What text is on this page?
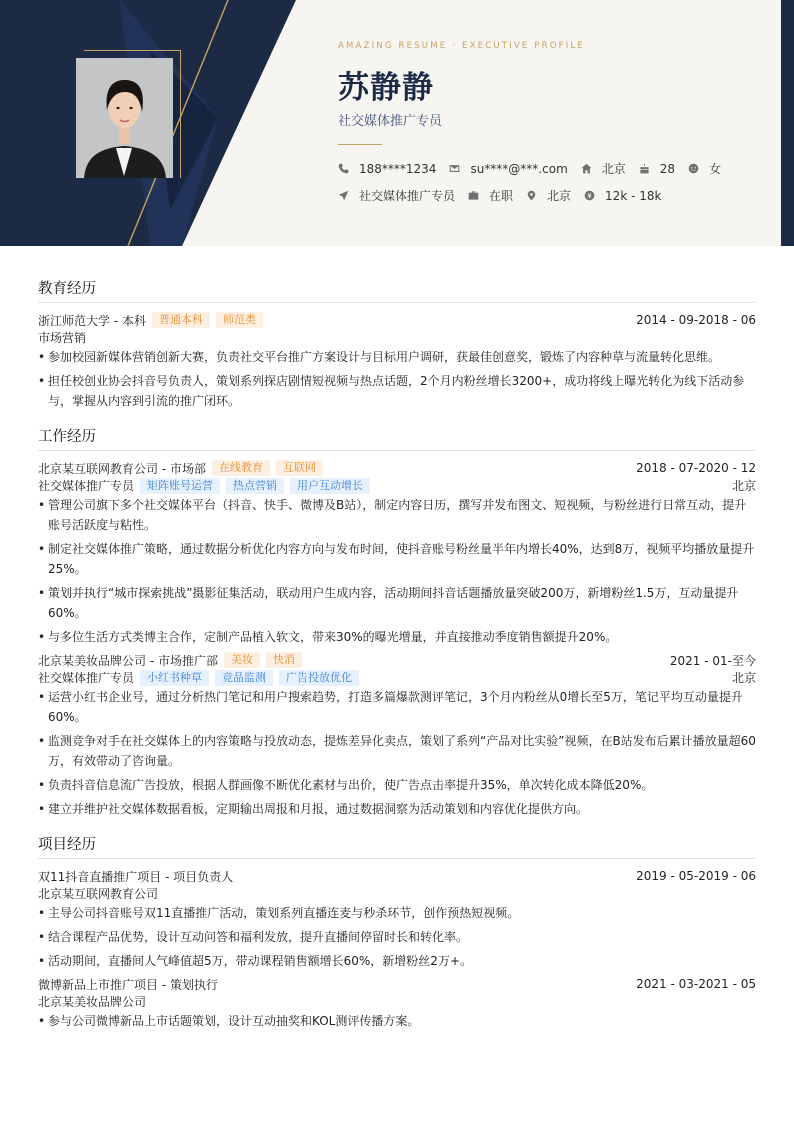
AMAZING RESUME · EXECUTIVE PROFILE
苏静静
社交媒体推广专员
188****1234	su****@***.com	北京	28	女
社交媒体推广专员	在职	北京	12k - 18k
教育经历
浙江师范大学 - 本科	普通本科	师范类	2014 - 09-2018 - 06
市场营销
• 参加校园新媒体营销创新大赛，负责社交平台推广方案设计与目标用户调研，获最佳创意奖，锻炼了内容种草与流量转化思维。
• 担任校创业协会抖音号负责人，策划系列探店剧情短视频与热点话题，2个月内粉丝增长3200+，成功将线上曝光转化为线下活动参与，掌握从内容到引流的推广闭环。
工作经历
北京某互联网教育公司 - 市场部	在线教育	互联网	2018 - 07-2020 - 12
社交媒体推广专员	矩阵账号运营	热点营销	用户互动增长	北京
• 管理公司旗下多个社交媒体平台（抖音、快手、微博及B站），制定内容日历，撰写并发布图文、短视频，与粉丝进行日常互动，提升账号活跃度与粘性。
• 制定社交媒体推广策略，通过数据分析优化内容方向与发布时间，使抖音账号粉丝量半年内增长40%，达到8万，视频平均播放量提升25%。
• 策划并执行“城市探索挑战”摄影征集活动，联动用户生成内容，活动期间抖音话题播放量突破200万，新增粉丝1.5万，互动量提升60%。
• 与多位生活方式类博主合作，定制产品植入软文，带来30%的曝光增量，并直接推动季度销售额提升20%。
北京某美妆品牌公司 - 市场推广部	美妆	快消	2021 - 01-至今
社交媒体推广专员	小红书种草	竞品监测	广告投放优化	北京
• 运营小红书企业号，通过分析热门笔记和用户搜索趋势，打造多篇爆款测评笔记，3个月内粉丝从0增长至5万，笔记平均互动量提升60%。
• 监测竞争对手在社交媒体上的内容策略与投放动态，提炼差异化卖点，策划了系列“产品对比实验”视频，在B站发布后累计播放量超60万，有效带动了咨询量。
• 负责抖音信息流广告投放，根据人群画像不断优化素材与出价，使广告点击率提升35%，单次转化成本降低20%。
• 建立并维护社交媒体数据看板，定期输出周报和月报，通过数据洞察为活动策划和内容优化提供方向。
项目经历
双11抖音直播推广项目 - 项目负责人	2019 - 05-2019 - 06
北京某互联网教育公司
• 主导公司抖音账号双11直播推广活动，策划系列直播连麦与秒杀环节，创作预热短视频。
• 结合课程产品优势，设计互动问答和福利发放，提升直播间停留时长和转化率。
• 活动期间，直播间人气峰值超5万，带动课程销售额增长60%，新增粉丝2万+。
微博新品上市推广项目 - 策划执行	2021 - 03-2021 - 05
北京某美妆品牌公司
• 参与公司微博新品上市话题策划，设计互动抽奖和KOL测评传播方案。
